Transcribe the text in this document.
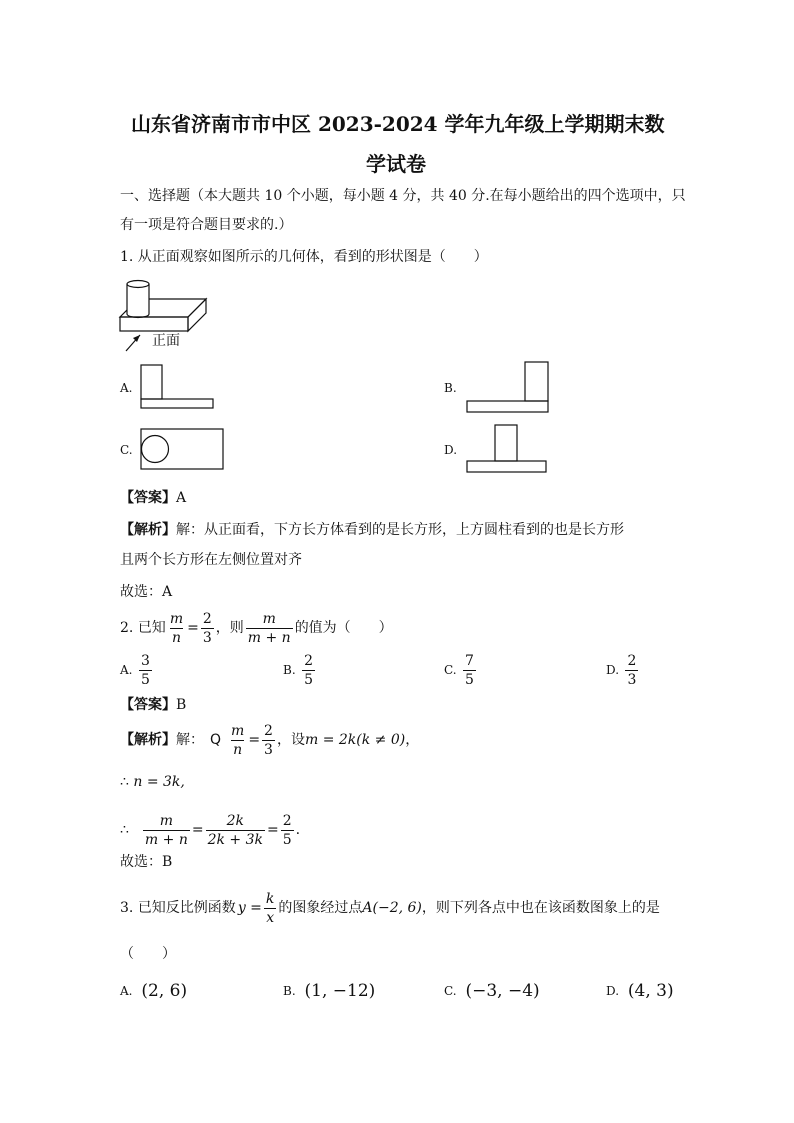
山东省济南市市中区 2023-2024 学年九年级上学期期末数
学试卷
一、选择题（本大题共 10 个小题，每小题 4 分，共 40 分.在每小题给出的四个选项中，只
有一项是符合题目要求的.）
1. 从正面观察如图所示的几何体，看到的形状图是（　　）
正面
A.	B.
C.	D.
【答案】A
【解析】解：从正面看，下方长方体看到的是长方形，上方圆柱看到的也是长方形
且两个长方形在左侧位置对齐
故选：A
2.
已知 $\frac{m}{n} = \frac{2}{3}$ ，则 $\frac{m}{m + n}$ 的值为（　　）
A.
$\frac{3}{5}$	B.
$\frac{2}{5}$	C.
$\frac{7}{5}$	D.
$\frac{2}{3}$
【答案】B
【解析】 解： Q $\frac{m}{n} = \frac{2}{3}$ ，设 m = 2k(k ≠ 0) ，
∴ n = 3k,
∴ $\frac{m}{m + n} = \frac{2k}{2k + 3k} = \frac{2}{5}$ .
故选：B
3.
已知反比例函数 $y = \frac{k}{x}$ 的图象经过点 A(−2, 6) ，则下列各点中也在该函数图象上的是
（　　）
A.
(2, 6)	B.
(1, −12)	C.
(−3, −4)	D.
(4, 3)
